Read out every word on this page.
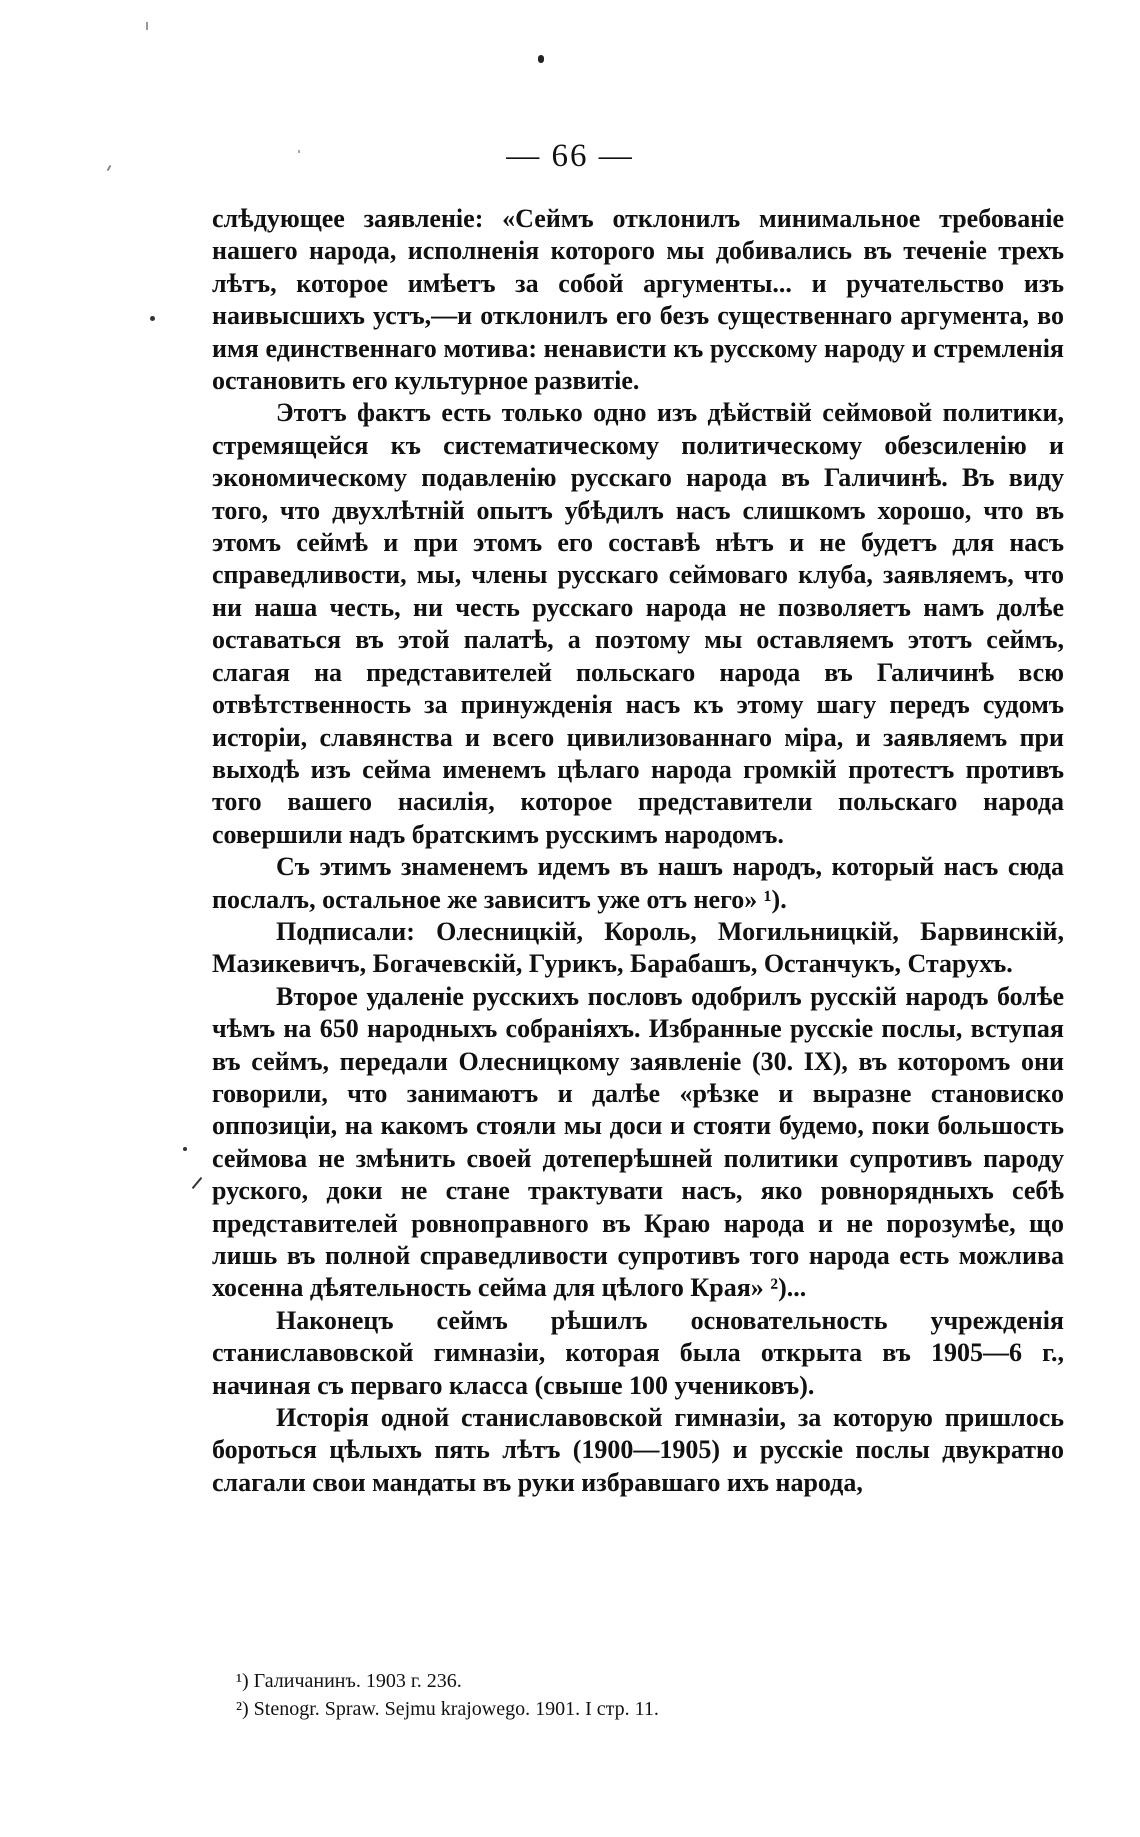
— 66 —

слѣдующее заявленіе: «Сеймъ отклонилъ минимальное требованіе нашего народа, исполненія которого мы добивались въ теченіе трехъ лѣтъ, которое имѣетъ за собой аргументы... и ручательство изъ наивысшихъ устъ,—и отклонилъ его безъ существеннаго аргумента, во имя единственнаго мотива: ненависти къ русскому народу и стремленія остановить его культурное развитіе.

Этотъ фактъ есть только одно изъ дѣйствій сеймовой политики, стремящейся къ систематическому политическому обезсиленію и экономическому подавленію русскаго народа въ Галичинѣ. Въ виду того, что двухлѣтній опытъ убѣдилъ насъ слишкомъ хорошо, что въ этомъ сеймѣ и при этомъ его составѣ нѣтъ и не будетъ для насъ справедливости, мы, члены русскаго сеймоваго клуба, заявляемъ, что ни наша честь, ни честь русскаго народа не позволяетъ намъ долѣе оставаться въ этой палатѣ, а поэтому мы оставляемъ этотъ сеймъ, слагая на представителей польскаго народа въ Галичинѣ всю отвѣтственность за принужденія насъ къ этому шагу передъ судомъ исторіи, славянства и всего цивилизованнаго міра, и заявляемъ при выходѣ изъ сейма именемъ цѣлаго народа громкій протестъ противъ того вашего насилія, которое представители польскаго народа совершили надъ братскимъ русскимъ народомъ.

Съ этимъ знаменемъ идемъ въ нашъ народъ, который насъ сюда послалъ, остальное же зависитъ уже отъ него» ¹).

Подписали: Олесницкій, Король, Могильницкій, Барвинскій, Мазикевичъ, Богачевскій, Гурикъ, Барабашъ, Останчукъ, Старухъ.

Второе удаленіе русскихъ пословъ одобрилъ русскій народъ болѣе чѣмъ на 650 народныхъ собраніяхъ. Избранные русскіе послы, вступая въ сеймъ, передали Олесницкому заявленіе (30. IX), въ которомъ они говорили, что занимаютъ и далѣе «рѣзке и выразне становиско оппозиціи, на какомъ стояли мы доси и стояти будемо, поки большость сеймова не змѣнить своей дотеперѣшней политики супротивъ пароду руского, доки не стане трактувати насъ, яко ровнорядныхъ себѣ представителей ровноправного въ Краю народа и не порозумѣе, що лишь въ полной справедливости супротивъ того народа есть можлива хосенна дѣятельность сейма для цѣлого Края» ²)...

Наконецъ сеймъ рѣшилъ основательность учрежденія станиславовской гимназіи, которая была открыта въ 1905—6 г., начиная съ перваго класса (свыше 100 учениковъ).

Исторія одной станиславовской гимназіи, за которую пришлось бороться цѣлыхъ пять лѣтъ (1900—1905) и русскіе послы двукратно слагали свои мандаты въ руки избравшаго ихъ народа,

¹) Галичанинъ. 1903 г. 236.
²) Stenogr. Spraw. Sejmu krajowego. 1901. I стр. 11.
